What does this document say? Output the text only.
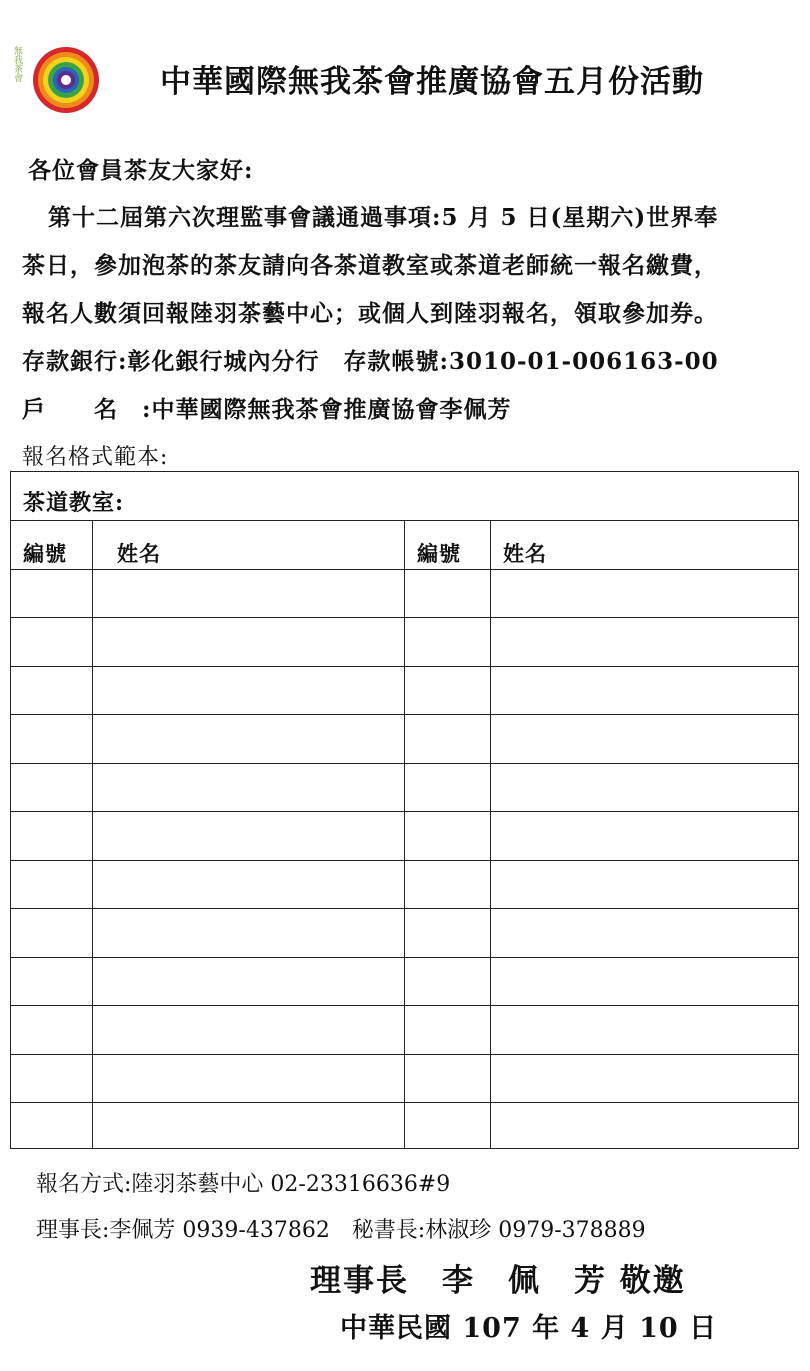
無我茶會	中華國際無我茶會推廣協會五月份活動
各位會員茶友大家好:
第十二屆第六次理監事會議通過事項:5 月 5 日(星期六)世界奉
茶日，參加泡茶的茶友請向各茶道教室或茶道老師統一報名繳費，
報名人數須回報陸羽茶藝中心；或個人到陸羽報名，領取參加券。
存款銀行:彰化銀行城內分行　存款帳號:3010-01-006163-00
戶　　名　:中華國際無我茶會推廣協會李佩芳
報名格式範本:
茶道教室:
編號 姓名	編號 姓名
報名方式:陸羽茶藝中心 02-23316636#9
理事長:李佩芳 0939-437862　秘書長:林淑珍 0979-378889
理事長　李　佩　芳 敬邀
中華民國 107 年 4 月 10 日
